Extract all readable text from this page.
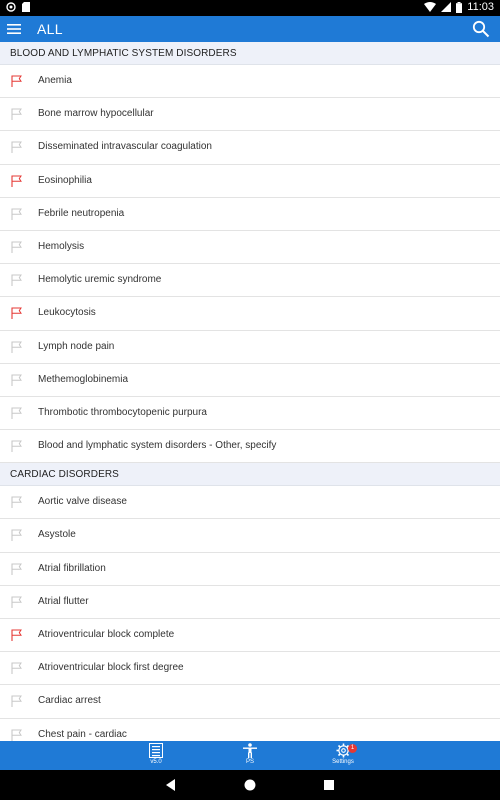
11:03
ALL
BLOOD AND LYMPHATIC SYSTEM DISORDERS
Anemia
Bone marrow hypocellular
Disseminated intravascular coagulation
Eosinophilia
Febrile neutropenia
Hemolysis
Hemolytic uremic syndrome
Leukocytosis
Lymph node pain
Methemoglobinemia
Thrombotic thrombocytopenic purpura
Blood and lymphatic system disorders - Other, specify
CARDIAC DISORDERS
Aortic valve disease
Asystole
Atrial fibrillation
Atrial flutter
Atrioventricular block complete
Atrioventricular block first degree
Cardiac arrest
Chest pain - cardiac
v5.0	PS
1
Settings
